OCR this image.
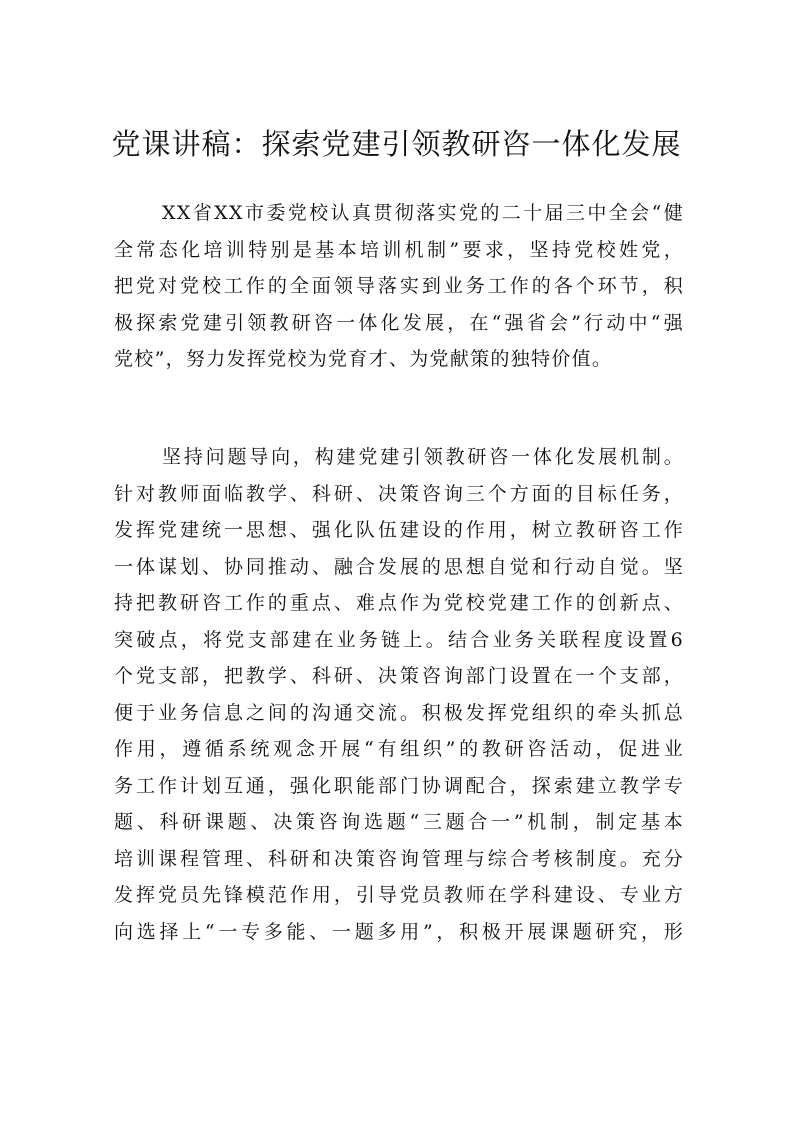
党课讲稿：探索党建引领教研咨一体化发展

XX省XX市委党校认真贯彻落实党的二十届三中全会“健
全常态化培训特别是基本培训机制”要求，坚持党校姓党，
把党对党校工作的全面领导落实到业务工作的各个环节，积
极探索党建引领教研咨一体化发展，在“强省会”行动中“强
党校”，努力发挥党校为党育才、为党献策的独特价值。

坚持问题导向，构建党建引领教研咨一体化发展机制。
针对教师面临教学、科研、决策咨询三个方面的目标任务，
发挥党建统一思想、强化队伍建设的作用，树立教研咨工作
一体谋划、协同推动、融合发展的思想自觉和行动自觉。坚
持把教研咨工作的重点、难点作为党校党建工作的创新点、
突破点，将党支部建在业务链上。结合业务关联程度设置6
个党支部，把教学、科研、决策咨询部门设置在一个支部，
便于业务信息之间的沟通交流。积极发挥党组织的牵头抓总
作用，遵循系统观念开展“有组织”的教研咨活动，促进业
务工作计划互通，强化职能部门协调配合，探索建立教学专
题、科研课题、决策咨询选题“三题合一”机制，制定基本
培训课程管理、科研和决策咨询管理与综合考核制度。充分
发挥党员先锋模范作用，引导党员教师在学科建设、专业方
向选择上“一专多能、一题多用”，积极开展课题研究，形
